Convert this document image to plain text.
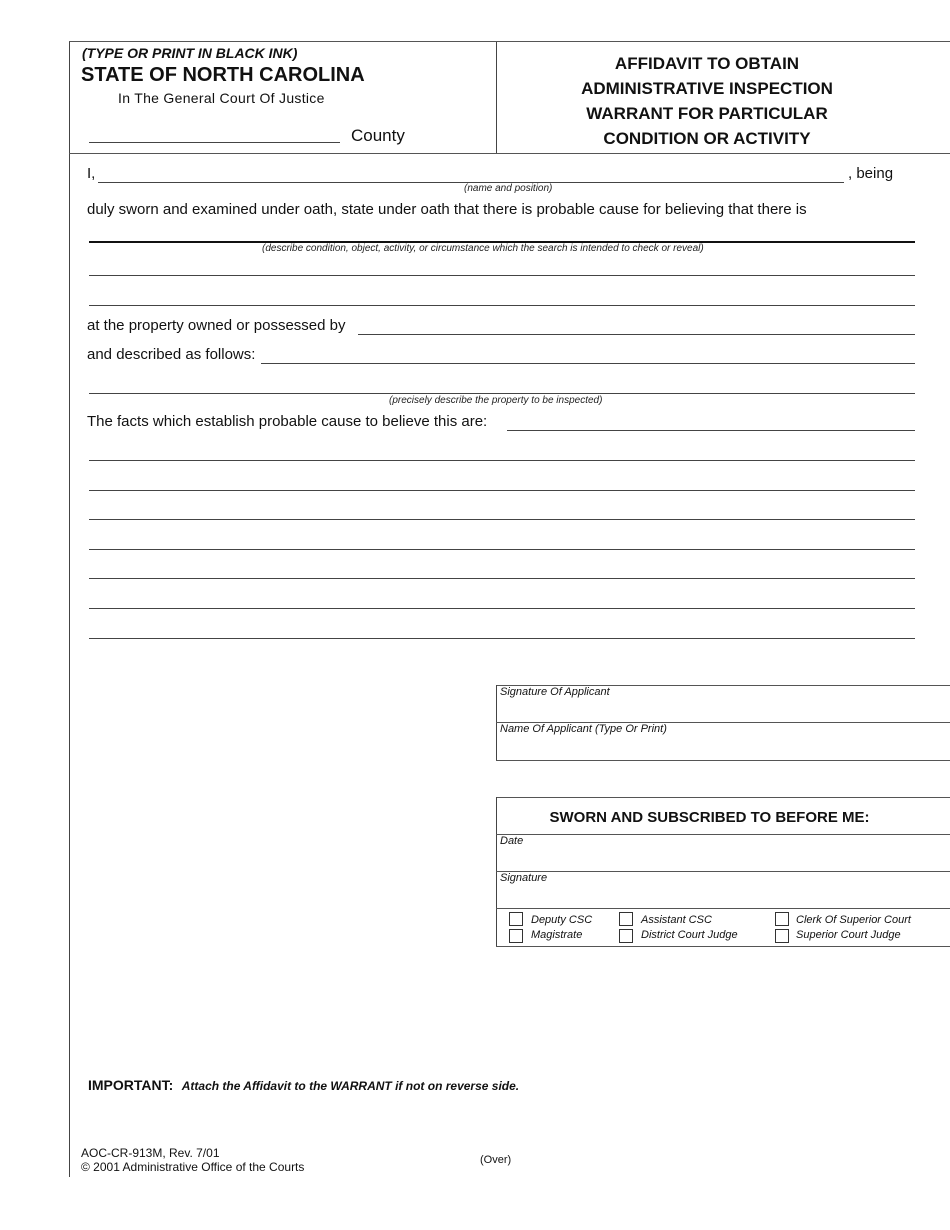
(TYPE OR PRINT IN BLACK INK)
STATE OF NORTH CAROLINA
In The General Court Of Justice
County
AFFIDAVIT TO OBTAIN
ADMINISTRATIVE INSPECTION
WARRANT FOR PARTICULAR
CONDITION OR ACTIVITY
I,	, being
(name and position)
duly sworn and examined under oath, state under oath that there is probable cause for believing that there is
(describe condition, object, activity, or circumstance which the search is intended to check or reveal)
at the property owned or possessed by
and described as follows:
(precisely describe the property to be inspected)
The facts which establish probable cause to believe this are:
Signature Of Applicant
Name Of Applicant (Type Or Print)
SWORN AND SUBSCRIBED TO BEFORE ME:
Date
Signature
Deputy CSC
Magistrate
Assistant CSC
District Court Judge
Clerk Of Superior Court
Superior Court Judge
IMPORTANT: Attach the Affidavit to the WARRANT if not on reverse side.
AOC-CR-913M, Rev. 7/01
© 2001 Administrative Office of the Courts	(Over)
